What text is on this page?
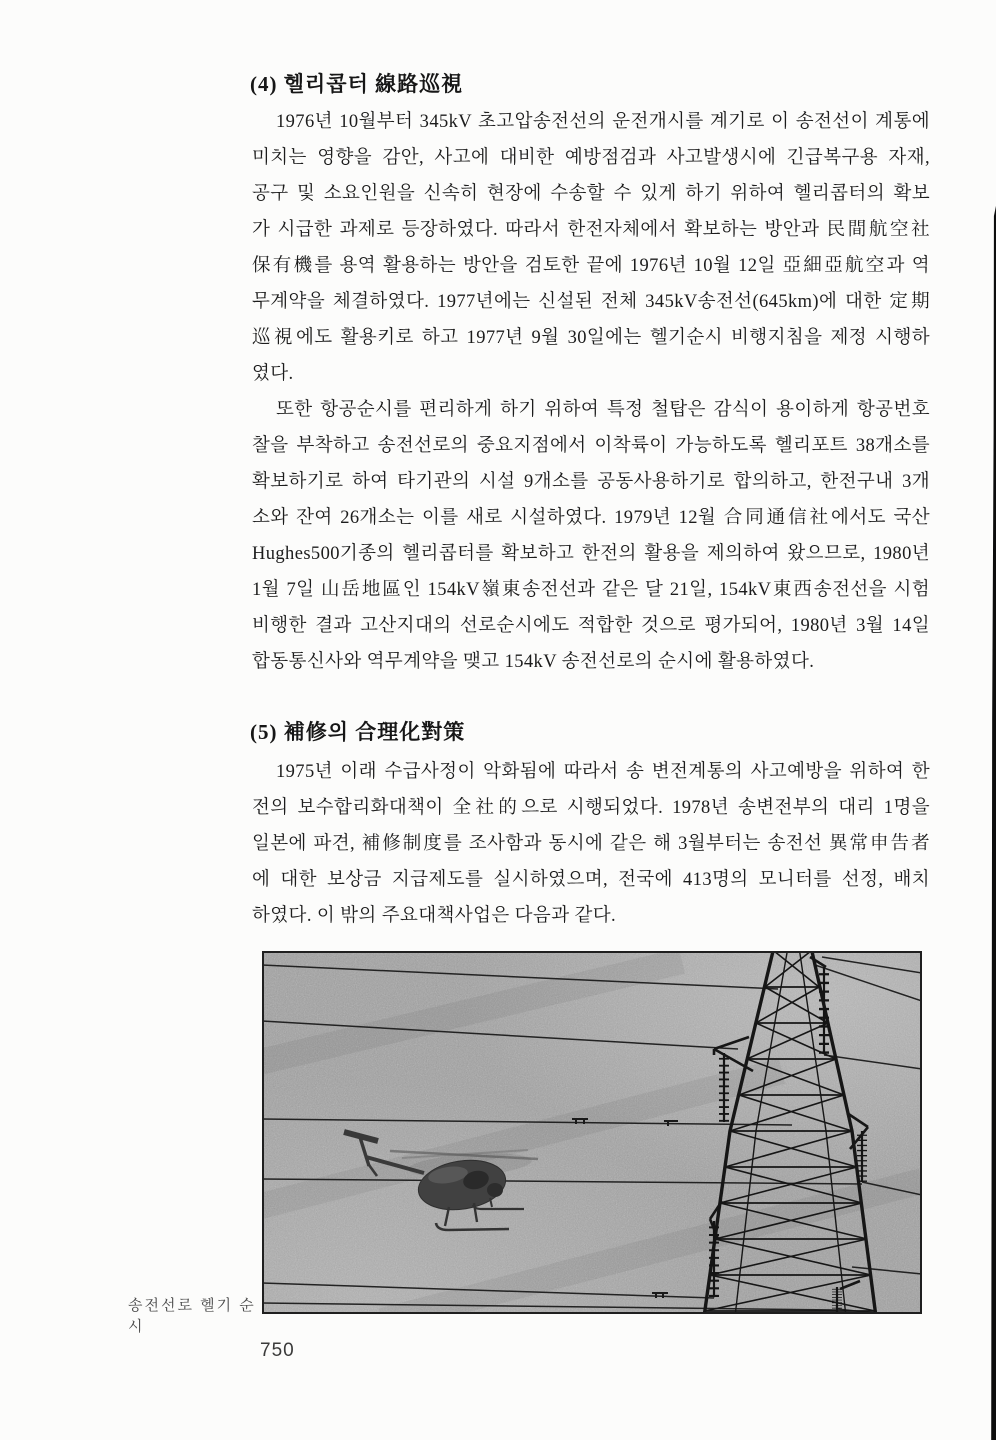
(4) 헬리콥터 線路巡視
1976년 10월부터 345kV 초고압송전선의 운전개시를 계기로 이 송전선이 계통에
미치는 영향을 감안, 사고에 대비한 예방점검과 사고발생시에 긴급복구용 자재,
공구 및 소요인원을 신속히 현장에 수송할 수 있게 하기 위하여 헬리콥터의 확보
가 시급한 과제로 등장하였다. 따라서 한전자체에서 확보하는 방안과 民間航空社
保有機를 용역 활용하는 방안을 검토한 끝에 1976년 10월 12일 亞細亞航空과 역
무계약을 체결하였다. 1977년에는 신설된 전체 345kV송전선(645km)에 대한 定期
巡視에도 활용키로 하고 1977년 9월 30일에는 헬기순시 비행지침을 제정 시행하
였다.
또한 항공순시를 편리하게 하기 위하여 특정 철탑은 감식이 용이하게 항공번호
찰을 부착하고 송전선로의 중요지점에서 이착륙이 가능하도록 헬리포트 38개소를
확보하기로 하여 타기관의 시설 9개소를 공동사용하기로 합의하고, 한전구내 3개
소와 잔여 26개소는 이를 새로 시설하였다. 1979년 12월 合同通信社에서도 국산
Hughes500기종의 헬리콥터를 확보하고 한전의 활용을 제의하여 왔으므로, 1980년
1월 7일 山岳地區인 154kV嶺東송전선과 같은 달 21일, 154kV東西송전선을 시험
비행한 결과 고산지대의 선로순시에도 적합한 것으로 평가되어, 1980년 3월 14일
합동통신사와 역무계약을 맺고 154kV 송전선로의 순시에 활용하였다.
(5) 補修의 合理化對策
1975년 이래 수급사정이 악화됨에 따라서 송 변전계통의 사고예방을 위하여 한
전의 보수합리화대책이 全社的으로 시행되었다. 1978년 송변전부의 대리 1명을
일본에 파견, 補修制度를 조사함과 동시에 같은 해 3월부터는 송전선 異常申告者
에 대한 보상금 지급제도를 실시하였으며, 전국에 413명의 모니터를 선정, 배치
하였다. 이 밖의 주요대책사업은 다음과 같다.
송전선로 헬기 순시
750
